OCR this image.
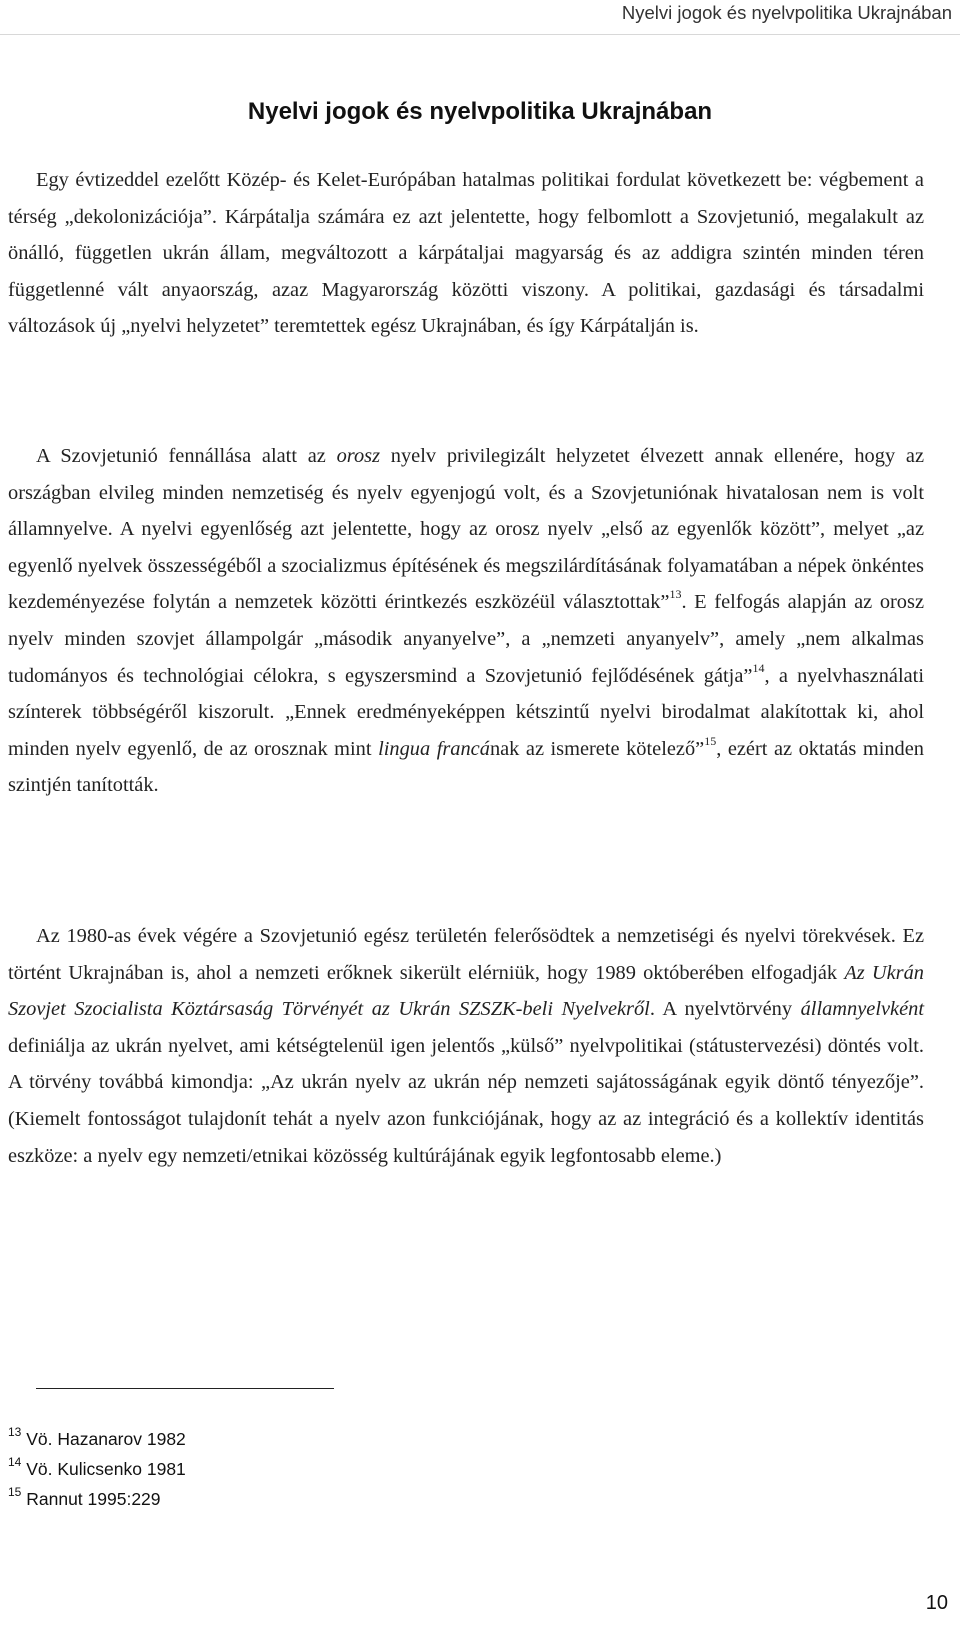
Nyelvi jogok és nyelvpolitika Ukrajnában
Nyelvi jogok és nyelvpolitika Ukrajnában

Egy évtizeddel ezelőtt Közép- és Kelet-Európában hatalmas politikai fordulat következett be: végbement a térség „dekolonizációja”. Kárpátalja számára ez azt jelentette, hogy felbomlott a Szovjetunió, megalakult az önálló, független ukrán állam, megváltozott a kárpátaljai magyarság és az addigra szintén minden téren függetlenné vált anyaország, azaz Magyarország közötti viszony. A politikai, gazdasági és társadalmi változások új „nyelvi helyzetet” teremtettek egész Ukrajnában, és így Kárpátalján is.

A Szovjetunió fennállása alatt az orosz nyelv privilegizált helyzetet élvezett annak ellenére, hogy az országban elvileg minden nemzetiség és nyelv egyenjogú volt, és a Szovjetuniónak hivatalosan nem is volt államnyelve. A nyelvi egyenlőség azt jelentette, hogy az orosz nyelv „első az egyenlők között”, melyet „az egyenlő nyelvek összességéből a szocializmus építésének és megszilárdításának folyamatában a népek önkéntes kezdeményezése folytán a nemzetek közötti érintkezés eszközéül választottak”$^{13}$. E felfogás alapján az orosz nyelv minden szovjet állampolgár „második anyanyelve”, a „nemzeti anyanyelv”, amely „nem alkalmas tudományos és technológiai célokra, s egyszersmind a Szovjetunió fejlődésének gátja”$^{14}$, a nyelvhasználati színterek többségéről kiszorult. „Ennek eredményeképpen kétszintű nyelvi birodalmat alakítottak ki, ahol minden nyelv egyenlő, de az orosznak mint lingua francának az ismerete kötelező”$^{15}$, ezért az oktatás minden szintjén tanították.

Az 1980-as évek végére a Szovjetunió egész területén felerősödtek a nemzetiségi és nyelvi törekvések. Ez történt Ukrajnában is, ahol a nemzeti erőknek sikerült elérniük, hogy 1989 októberében elfogadják Az Ukrán Szovjet Szocialista Köztársaság Törvényét az Ukrán SZSZK-beli Nyelvekről. A nyelvtörvény államnyelvként definiálja az ukrán nyelvet, ami kétségtelenül igen jelentős „külső” nyelvpolitikai (státustervezési) döntés volt. A törvény továbbá kimondja: „Az ukrán nyelv az ukrán nép nemzeti sajátosságának egyik döntő tényezője”. (Kiemelt fontosságot tulajdonít tehát a nyelv azon funkciójának, hogy az az integráció és a kollektív identitás eszköze: a nyelv egy nemzeti/etnikai közösség kultúrájának egyik legfontosabb eleme.)

$^{13}$ Vö. Hazanarov 1982
$^{14}$ Vö. Kulicsenko 1981
$^{15}$ Rannut 1995:229
10
